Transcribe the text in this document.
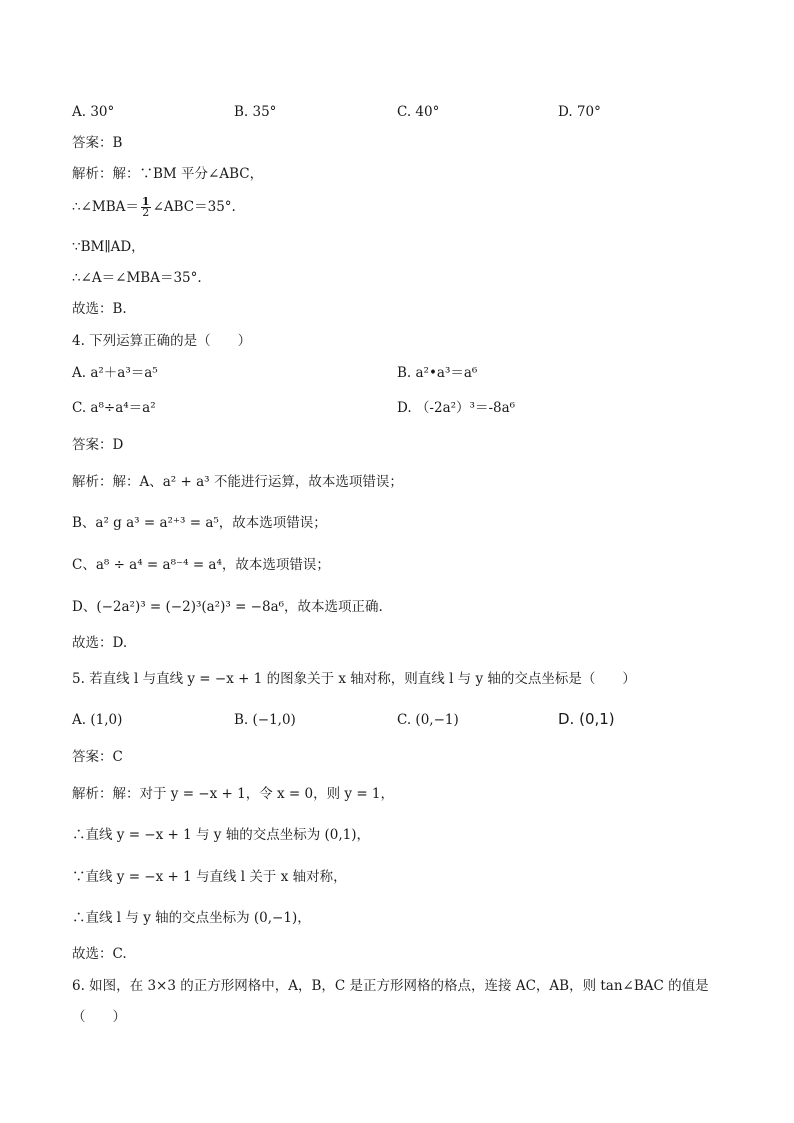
A. 30°	B. 35°	C. 40°	D. 70°
答案：B
解析：解：∵BM 平分∠ABC，
∴∠MBA＝ $\frac{1}{2}$ ∠ABC＝35°.
∵BM∥AD，
∴∠A＝∠MBA＝35°.
故选：B.
4. 下列运算正确的是（　　）
A. a²＋a³＝a⁵	B. a²•a³＝a⁶
C. a⁸÷a⁴＝a²	D. （-2a²）³＝-8a⁶
答案：D
解析：解：A、a² + a³ 不能进行运算，故本选项错误；
B、a² g a³ = a²⁺³ = a⁵，故本选项错误；
C、a⁸ ÷ a⁴ = a⁸⁻⁴ = a⁴，故本选项错误；
D、(−2a²)³ = (−2)³(a²)³ = −8a⁶，故本选项正确.
故选：D.
5. 若直线 l 与直线 y = −x + 1 的图象关于 x 轴对称，则直线 l 与 y 轴的交点坐标是（　　）
A. (1,0)	B. (−1,0)	C. (0,−1)	D. (0,1)
答案：C
解析：解：对于 y = −x + 1，令 x = 0，则 y = 1，
∴直线 y = −x + 1 与 y 轴的交点坐标为 (0,1)，
∵直线 y = −x + 1 与直线 l 关于 x 轴对称，
∴直线 l 与 y 轴的交点坐标为 (0,−1)，
故选：C.
6. 如图，在 3×3 的正方形网格中，A，B，C 是正方形网格的格点，连接 AC，AB，则 tan∠BAC 的值是
（　　）
